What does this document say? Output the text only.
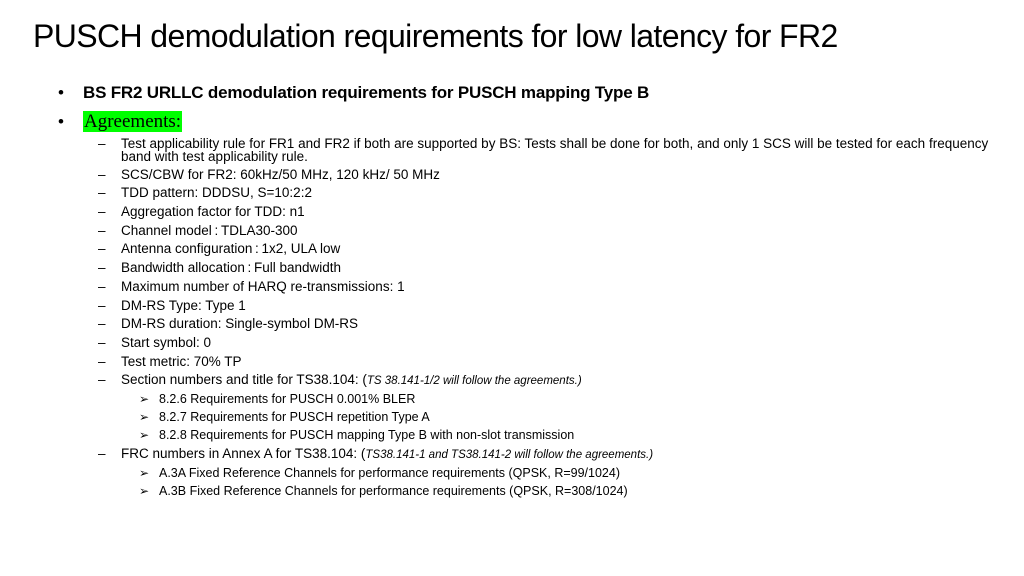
PUSCH demodulation requirements for low latency for FR2
• BS FR2 URLLC demodulation requirements for PUSCH mapping Type B
• Agreements:
– Test applicability rule for FR1 and FR2 if both are supported by BS: Tests shall be done for both, and only 1 SCS will be tested for each frequency band with test applicability rule.
– SCS/CBW for FR2: 60kHz/50 MHz, 120 kHz/ 50 MHz
– TDD pattern: DDDSU, S=10:2:2
– Aggregation factor for TDD: n1
– Channel model : TDLA30-300
– Antenna configuration : 1x2, ULA low
– Bandwidth allocation : Full bandwidth
– Maximum number of HARQ re-transmissions: 1
– DM-RS Type: Type 1
– DM-RS duration: Single-symbol DM-RS
– Start symbol: 0
– Test metric: 70% TP
– Section numbers and title for TS38.104: (TS 38.141-1/2 will follow the agreements.)
➢ 8.2.6 Requirements for PUSCH 0.001% BLER
➢ 8.2.7 Requirements for PUSCH repetition Type A
➢ 8.2.8 Requirements for PUSCH mapping Type B with non-slot transmission
– FRC numbers in Annex A for TS38.104: (TS38.141-1 and TS38.141-2 will follow the agreements.)
➢ A.3A Fixed Reference Channels for performance requirements (QPSK, R=99/1024)
➢ A.3B Fixed Reference Channels for performance requirements (QPSK, R=308/1024)
